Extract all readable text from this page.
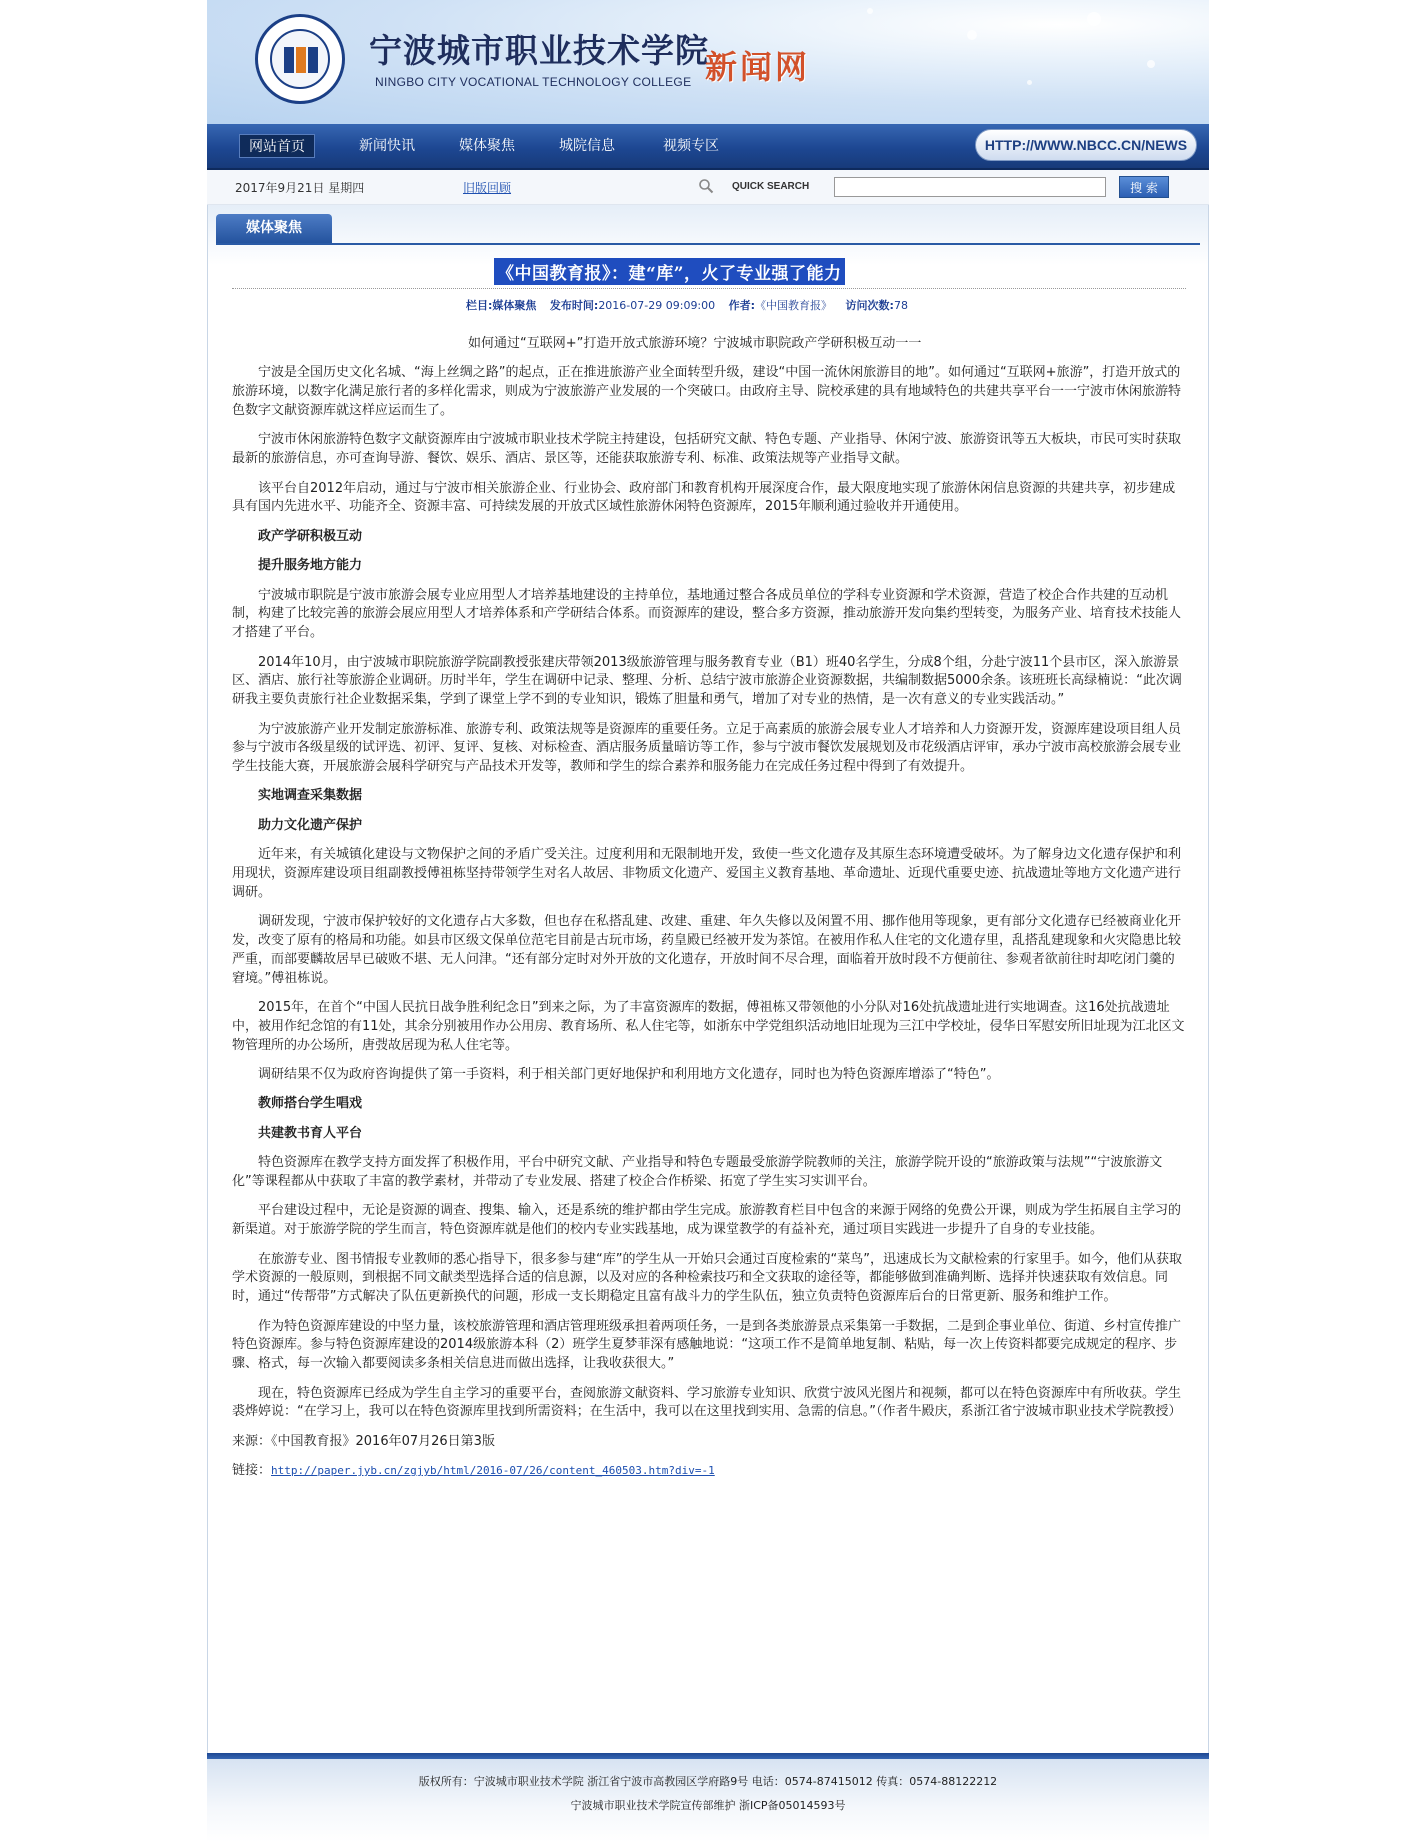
宁波城市职业技术学院
NINGBO CITY VOCATIONAL TECHNOLOGY COLLEGE 新闻网
网站首页	新闻快讯	媒体聚焦	城院信息	视频专区	HTTP://WWW.NBCC.CN/NEWS
2017年9月21日 星期四	旧版回顾	QUICK SEARCH	搜 索
媒体聚焦
《中国教育报》：建“库”，火了专业强了能力
栏目:媒体聚焦 发布时间:2016-07-29 09:09:00 作者:《中国教育报》 访问次数:78

如何通过“互联网+”打造开放式旅游环境？宁波城市职院政产学研积极互动一一

宁波是全国历史文化名城、“海上丝绸之路”的起点，正在推进旅游产业全面转型升级，建设“中国一流休闲旅游目的地”。如何通过“互联网+旅游”，打造开放式的旅游环境，以数字化满足旅行者的多样化需求，则成为宁波旅游产业发展的一个突破口。由政府主导、院校承建的具有地域特色的共建共享平台一一宁波市休闲旅游特色数字文献资源库就这样应运而生了。

宁波市休闲旅游特色数字文献资源库由宁波城市职业技术学院主持建设，包括研究文献、特色专题、产业指导、休闲宁波、旅游资讯等五大板块，市民可实时获取最新的旅游信息，亦可查询导游、餐饮、娱乐、酒店、景区等，还能获取旅游专利、标准、政策法规等产业指导文献。

该平台自2012年启动，通过与宁波市相关旅游企业、行业协会、政府部门和教育机构开展深度合作，最大限度地实现了旅游休闲信息资源的共建共享，初步建成具有国内先进水平、功能齐全、资源丰富、可持续发展的开放式区域性旅游休闲特色资源库，2015年顺利通过验收并开通使用。

政产学研积极互动

提升服务地方能力

宁波城市职院是宁波市旅游会展专业应用型人才培养基地建设的主持单位，基地通过整合各成员单位的学科专业资源和学术资源，营造了校企合作共建的互动机制，构建了比较完善的旅游会展应用型人才培养体系和产学研结合体系。而资源库的建设，整合多方资源，推动旅游开发向集约型转变，为服务产业、培育技术技能人才搭建了平台。

2014年10月，由宁波城市职院旅游学院副教授张建庆带领2013级旅游管理与服务教育专业（B1）班40名学生，分成8个组，分赴宁波11个县市区，深入旅游景区、酒店、旅行社等旅游企业调研。历时半年，学生在调研中记录、整理、分析、总结宁波市旅游企业资源数据，共编制数据5000余条。该班班长高绿楠说：“此次调研我主要负责旅行社企业数据采集，学到了课堂上学不到的专业知识，锻炼了胆量和勇气，增加了对专业的热情，是一次有意义的专业实践活动。”

为宁波旅游产业开发制定旅游标准、旅游专利、政策法规等是资源库的重要任务。立足于高素质的旅游会展专业人才培养和人力资源开发，资源库建设项目组人员参与宁波市各级星级的试评选、初评、复评、复核、对标检查、酒店服务质量暗访等工作，参与宁波市餐饮发展规划及市花级酒店评审，承办宁波市高校旅游会展专业学生技能大赛，开展旅游会展科学研究与产品技术开发等，教师和学生的综合素养和服务能力在完成任务过程中得到了有效提升。

实地调查采集数据

助力文化遗产保护

近年来，有关城镇化建设与文物保护之间的矛盾广受关注。过度利用和无限制地开发，致使一些文化遗存及其原生态环境遭受破坏。为了解身边文化遗存保护和利用现状，资源库建设项目组副教授傅祖栋坚持带领学生对名人故居、非物质文化遗产、爱国主义教育基地、革命遗址、近现代重要史迹、抗战遗址等地方文化遗产进行调研。

调研发现，宁波市保护较好的文化遗存占大多数，但也存在私搭乱建、改建、重建、年久失修以及闲置不用、挪作他用等现象，更有部分文化遗存已经被商业化开发，改变了原有的格局和功能。如县市区级文保单位范宅目前是古玩市场，药皇殿已经被开发为茶馆。在被用作私人住宅的文化遗存里，乱搭乱建现象和火灾隐患比较严重，而部要麟故居早已破败不堪、无人问津。“还有部分定时对外开放的文化遗存，开放时间不尽合理，面临着开放时段不方便前往、参观者欲前往时却吃闭门羹的窘境。”傅祖栋说。

2015年，在首个“中国人民抗日战争胜利纪念日”到来之际，为了丰富资源库的数据，傅祖栋又带领他的小分队对16处抗战遗址进行实地调查。这16处抗战遗址中，被用作纪念馆的有11处，其余分别被用作办公用房、教育场所、私人住宅等，如浙东中学党组织活动地旧址现为三江中学校址，侵华日军慰安所旧址现为江北区文物管理所的办公场所，唐弢故居现为私人住宅等。

调研结果不仅为政府咨询提供了第一手资料，利于相关部门更好地保护和利用地方文化遗存，同时也为特色资源库增添了“特色”。

教师搭台学生唱戏

共建教书育人平台

特色资源库在教学支持方面发挥了积极作用，平台中研究文献、产业指导和特色专题最受旅游学院教师的关注，旅游学院开设的“旅游政策与法规”“宁波旅游文化”等课程都从中获取了丰富的教学素材，并带动了专业发展、搭建了校企合作桥梁、拓宽了学生实习实训平台。

平台建设过程中，无论是资源的调查、搜集、输入，还是系统的维护都由学生完成。旅游教育栏目中包含的来源于网络的免费公开课，则成为学生拓展自主学习的新渠道。对于旅游学院的学生而言，特色资源库就是他们的校内专业实践基地，成为课堂教学的有益补充，通过项目实践进一步提升了自身的专业技能。

在旅游专业、图书情报专业教师的悉心指导下，很多参与建“库”的学生从一开始只会通过百度检索的“菜鸟”，迅速成长为文献检索的行家里手。如今，他们从获取学术资源的一般原则，到根据不同文献类型选择合适的信息源，以及对应的各种检索技巧和全文获取的途径等，都能够做到准确判断、选择并快速获取有效信息。同时，通过“传帮带”方式解决了队伍更新换代的问题，形成一支长期稳定且富有战斗力的学生队伍，独立负责特色资源库后台的日常更新、服务和维护工作。

作为特色资源库建设的中坚力量，该校旅游管理和酒店管理班级承担着两项任务，一是到各类旅游景点采集第一手数据，二是到企事业单位、街道、乡村宣传推广特色资源库。参与特色资源库建设的2014级旅游本科（2）班学生夏梦菲深有感触地说：“这项工作不是简单地复制、粘贴，每一次上传资料都要完成规定的程序、步骤、格式，每一次输入都要阅读多条相关信息进而做出选择，让我收获很大。”

现在，特色资源库已经成为学生自主学习的重要平台，查阅旅游文献资料、学习旅游专业知识、欣赏宁波风光图片和视频，都可以在特色资源库中有所收获。学生裘烨婷说：“在学习上，我可以在特色资源库里找到所需资料；在生活中，我可以在这里找到实用、急需的信息。”（作者牛殿庆，系浙江省宁波城市职业技术学院教授）

来源：《中国教育报》2016年07月26日第3版

链接：http://paper.jyb.cn/zgjyb/html/2016-07/26/content_460503.htm?div=-1

版权所有：宁波城市职业技术学院 浙江省宁波市高教园区学府路9号 电话：0574-87415012 传真：0574-88122212
宁波城市职业技术学院宣传部维护 浙ICP备05014593号
